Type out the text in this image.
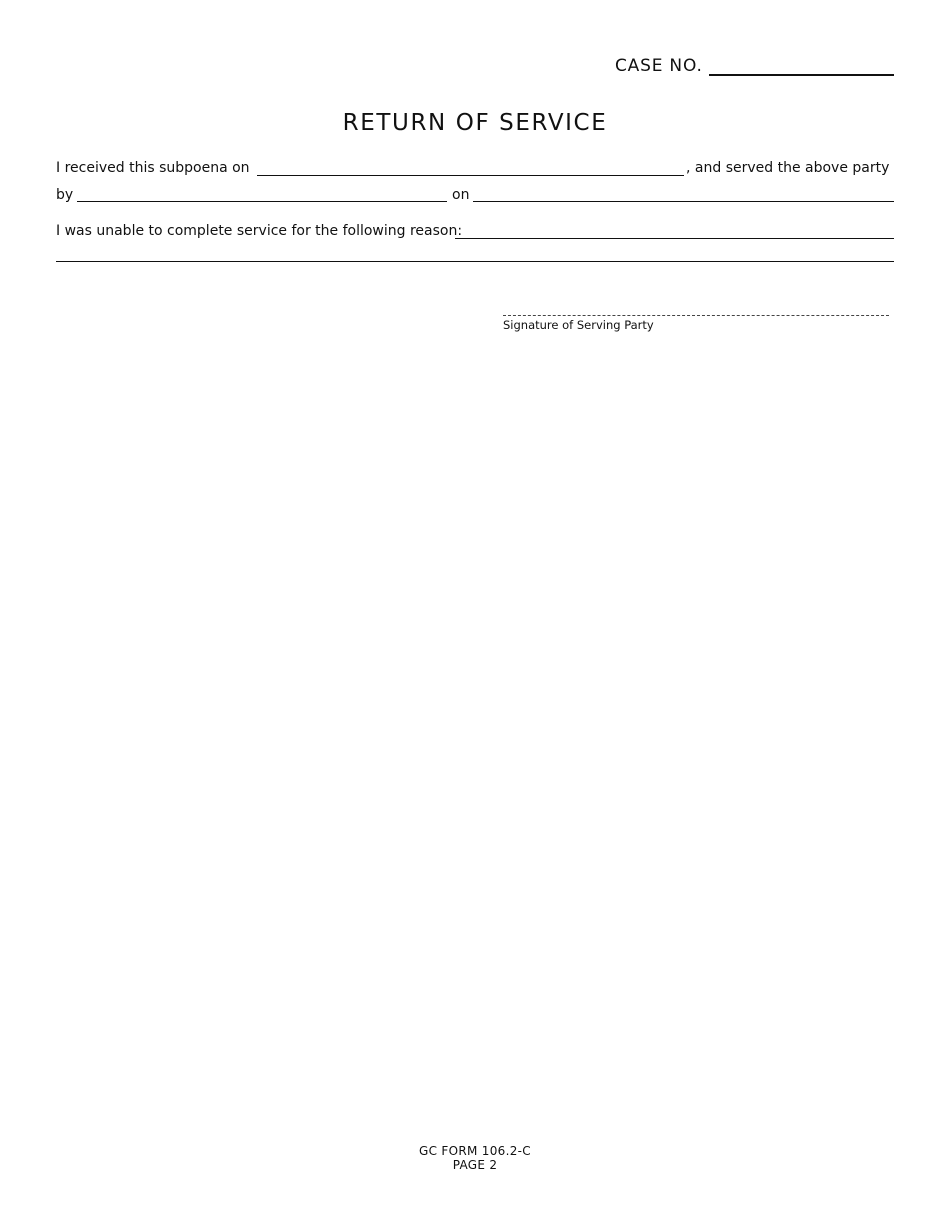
CASE NO.
RETURN OF SERVICE
I received this subpoena on	, and served the above party
by	on
I was unable to complete service for the following reason:
Signature of Serving Party
GC FORM 106.2-C
PAGE 2
